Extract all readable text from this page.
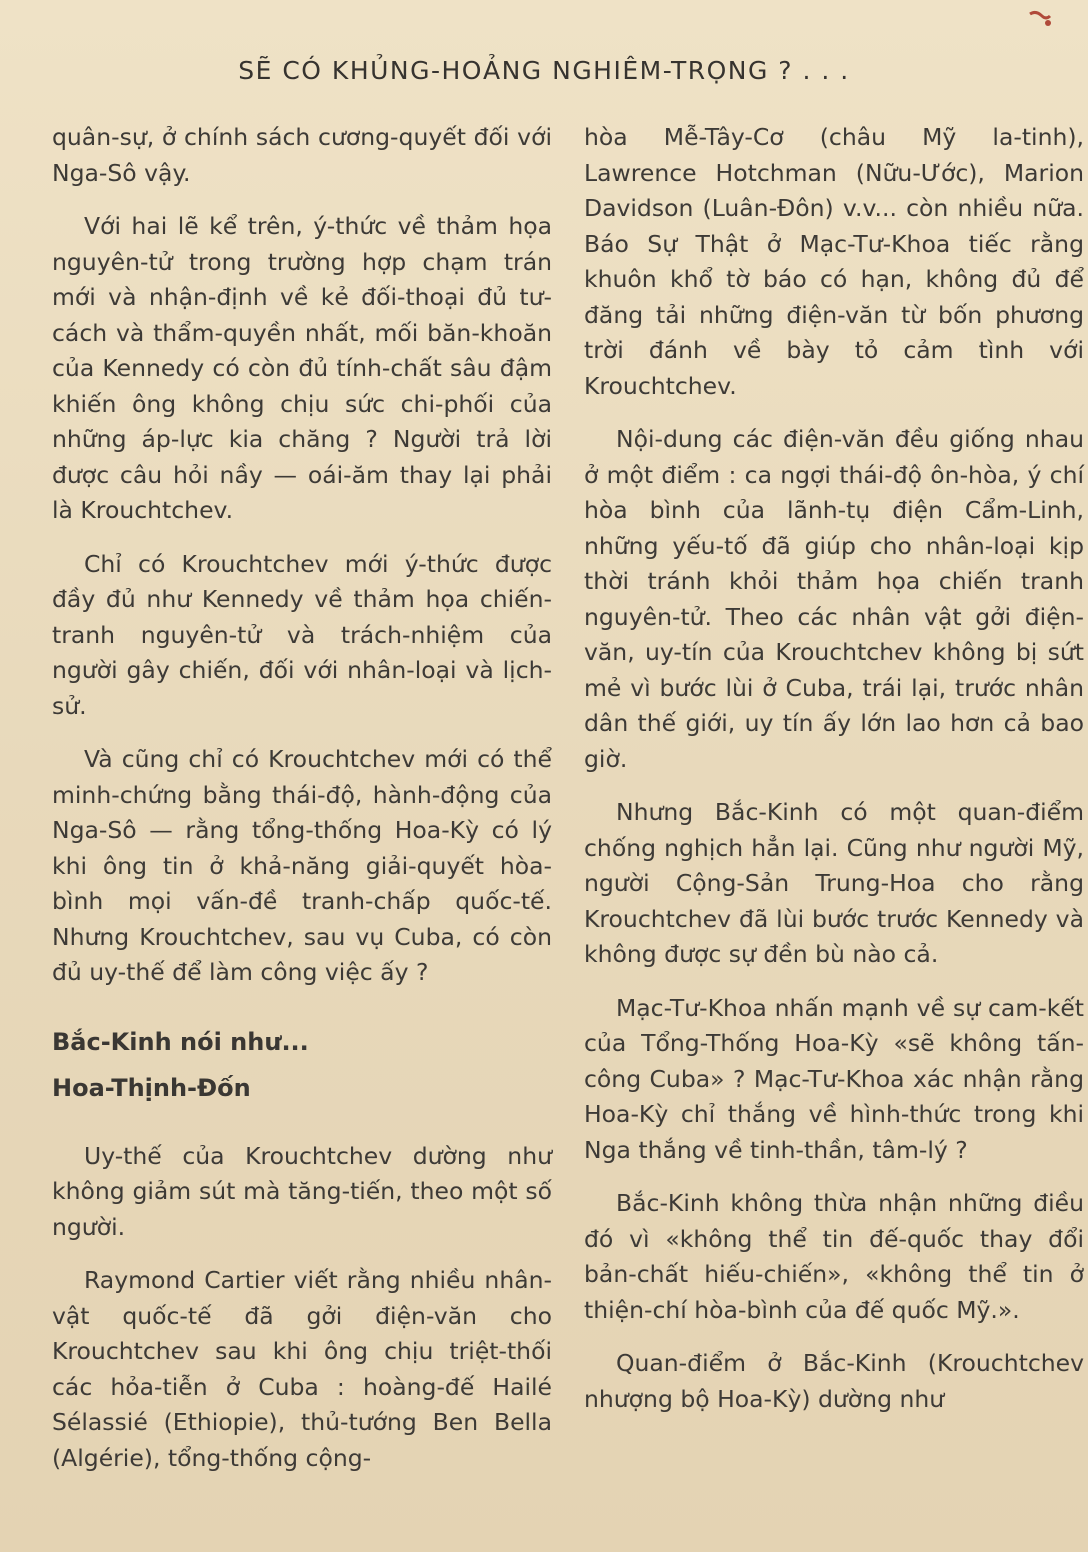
SẼ CÓ KHỦNG-HOẢNG NGHIÊM-TRỌNG ? . . .

quân-sự, ở chính sách cương-quyết đối với Nga-Sô vậy.

Với hai lẽ kể trên, ý-thức về thảm họa nguyên-tử trong trường hợp chạm trán mới và nhận-định về kẻ đối-thoại đủ tư-cách và thẩm-quyền nhất, mối băn-khoăn của Kennedy có còn đủ tính-chất sâu đậm khiến ông không chịu sức chi-phối của những áp-lực kia chăng ? Người trả lời được câu hỏi nầy — oái-ăm thay lại phải là Krouchtchev.

Chỉ có Krouchtchev mới ý-thức được đầy đủ như Kennedy về thảm họa chiến-tranh nguyên-tử và trách-nhiệm của người gây chiến, đối với nhân-loại và lịch-sử.

Và cũng chỉ có Krouchtchev mới có thể minh-chứng bằng thái-độ, hành-động của Nga-Sô — rằng tổng-thống Hoa-Kỳ có lý khi ông tin ở khả-năng giải-quyết hòa-bình mọi vấn-đề tranh-chấp quốc-tế. Nhưng Krouchtchev, sau vụ Cuba, có còn đủ uy-thế để làm công việc ấy ?

Bắc-Kinh nói như...
Hoa-Thịnh-Đốn

Uy-thế của Krouchtchev dường như không giảm sút mà tăng-tiến, theo một số người.

Raymond Cartier viết rằng nhiều nhân-vật quốc-tế đã gởi điện-văn cho Krouchtchev sau khi ông chịu triệt-thối các hỏa-tiễn ở Cuba : hoàng-đế Hailé Sélassié (Ethiopie), thủ-tướng Ben Bella (Algérie), tổng-thống cộng-

hòa Mễ-Tây-Cơ (châu Mỹ la-tinh), Lawrence Hotchman (Nữu-Ước), Marion Davidson (Luân-Đôn) v.v... còn nhiều nữa. Báo Sự Thật ở Mạc-Tư-Khoa tiếc rằng khuôn khổ tờ báo có hạn, không đủ để đăng tải những điện-văn từ bốn phương trời đánh về bày tỏ cảm tình với Krouchtchev.

Nội-dung các điện-văn đều giống nhau ở một điểm : ca ngợi thái-độ ôn-hòa, ý chí hòa bình của lãnh-tụ điện Cẩm-Linh, những yếu-tố đã giúp cho nhân-loại kịp thời tránh khỏi thảm họa chiến tranh nguyên-tử. Theo các nhân vật gởi điện-văn, uy-tín của Krouchtchev không bị sứt mẻ vì bước lùi ở Cuba, trái lại, trước nhân dân thế giới, uy tín ấy lớn lao hơn cả bao giờ.

Nhưng Bắc-Kinh có một quan-điểm chống nghịch hẳn lại. Cũng như người Mỹ, người Cộng-Sản Trung-Hoa cho rằng Krouchtchev đã lùi bước trước Kennedy và không được sự đền bù nào cả.

Mạc-Tư-Khoa nhấn mạnh về sự cam-kết của Tổng-Thống Hoa-Kỳ «sẽ không tấn-công Cuba» ? Mạc-Tư-Khoa xác nhận rằng Hoa-Kỳ chỉ thắng về hình-thức trong khi Nga thắng về tinh-thần, tâm-lý ?

Bắc-Kinh không thừa nhận những điều đó vì «không thể tin đế-quốc thay đổi bản-chất hiếu-chiến», «không thể tin ở thiện-chí hòa-bình của đế quốc Mỹ.».

Quan-điểm ở Bắc-Kinh (Krouchtchev nhượng bộ Hoa-Kỳ) dường như
